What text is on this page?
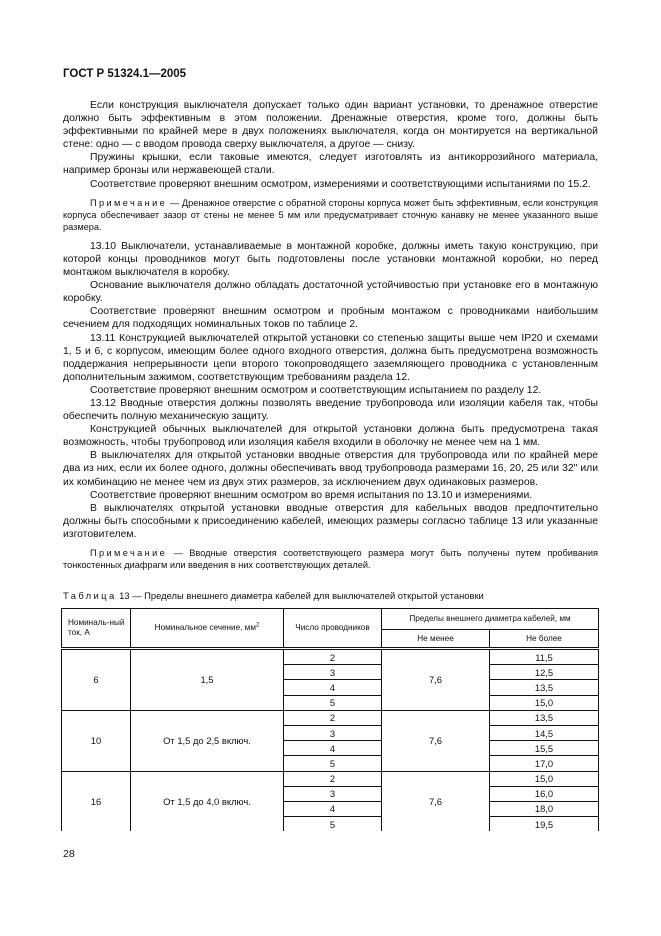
ГОСТ Р 51324.1—2005

Если конструкция выключателя допускает только один вариант установки, то дренажное отверстие должно быть эффективным в этом положении. Дренажные отверстия, кроме того, должны быть эффективными по крайней мере в двух положениях выключателя, когда он монтируется на вертикальной стене: одно — с вводом провода сверху выключателя, а другое — снизу.

Пружины крышки, если таковые имеются, следует изготовлять из антикоррозийного материала, например бронзы или нержавеющей стали.

Соответствие проверяют внешним осмотром, измерениями и соответствующими испытаниями по 15.2.

Примечание — Дренажное отверстие с обратной стороны корпуса может быть эффективным, если конструкция корпуса обеспечивает зазор от стены не менее 5 мм или предусматривает сточную канавку не менее указанного выше размера.

13.10 Выключатели, устанавливаемые в монтажной коробке, должны иметь такую конструкцию, при которой концы проводников могут быть подготовлены после установки монтажной коробки, но перед монтажом выключателя в коробку.

Основание выключателя должно обладать достаточной устойчивостью при установке его в монтажную коробку.

Соответствие проверяют внешним осмотром и пробным монтажом с проводниками наибольшим сечением для подходящих номинальных токов по таблице 2.

13.11 Конструкцией выключателей открытой установки со степенью защиты выше чем IP20 и схемами 1, 5 и 6, с корпусом, имеющим более одного входного отверстия, должна быть предусмотрена возможность поддержания непрерывности цепи второго токопроводящего заземляющего проводника с установленным дополнительным зажимом, соответствующим требованиям раздела 12.

Соответствие проверяют внешним осмотром и соответствующим испытанием по разделу 12.

13.12 Вводные отверстия должны позволять введение трубопровода или изоляции кабеля так, чтобы обеспечить полную механическую защиту.

Конструкцией обычных выключателей для открытой установки должна быть предусмотрена такая возможность, чтобы трубопровод или изоляция кабеля входили в оболочку не менее чем на 1 мм.

В выключателях для открытой установки вводные отверстия для трубопровода или по крайней мере два из них, если их более одного, должны обеспечивать ввод трубопровода размерами 16, 20, 25 или 32" или их комбинацию не менее чем из двух этих размеров, за исключением двух одинаковых размеров.

Соответствие проверяют внешним осмотром во время испытания по 13.10 и измерениями.

В выключателях открытой установки вводные отверстия для кабельных вводов предпочтительно должны быть способными к присоединению кабелей, имеющих размеры согласно таблице 13 или указанные изготовителем.

Примечание — Вводные отверстия соответствующего размера могут быть получены путем пробивания тонкостенных диафрагм или введения в них соответствующих деталей.

Таблица 13 — Пределы внешнего диаметра кабелей для выключателей открытой установки
Номиналь-ный ток, А	Номинальное сечение, $мм^2$	Число проводников	Пределы внешнего диаметра кабелей, мм	
			Не менее	Не более
6	1,5	2	7,6	11,5
		3		12,5
		4		13,5
		5		15,0
10	От 1,5 до 2,5 включ.	2	7,6	13,5
		3		14,5
		4		15,5
		5		17,0
16	От 1,5 до 4,0 включ.	2	7,6	15,0
		3		16,0
		4		18,0
		5		19,5
28
